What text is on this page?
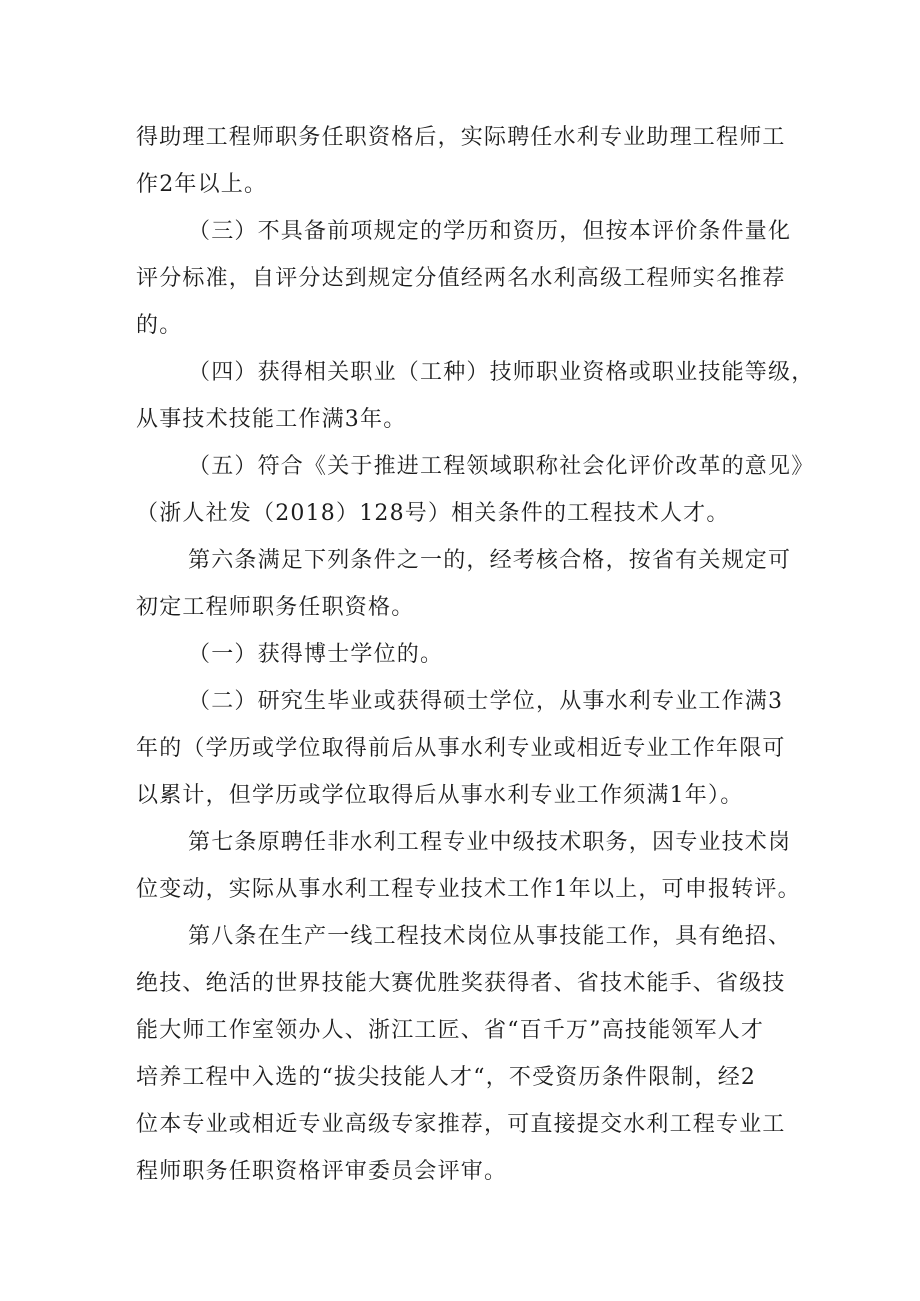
得助理工程师职务任职资格后，实际聘任水利专业助理工程师工

作2年以上。

（三）不具备前项规定的学历和资历，但按本评价条件量化

评分标准，自评分达到规定分值经两名水利高级工程师实名推荐

的。

（四）获得相关职业（工种）技师职业资格或职业技能等级，

从事技术技能工作满3年。

（五）符合《关于推进工程领域职称社会化评价改革的意见》

（浙人社发（2018）128号）相关条件的工程技术人才。

第六条满足下列条件之一的，经考核合格，按省有关规定可

初定工程师职务任职资格。

（一）获得博士学位的。

（二）研究生毕业或获得硕士学位，从事水利专业工作满3

年的（学历或学位取得前后从事水利专业或相近专业工作年限可

以累计，但学历或学位取得后从事水利专业工作须满1年）。

第七条原聘任非水利工程专业中级技术职务，因专业技术岗

位变动，实际从事水利工程专业技术工作1年以上，可申报转评。

第八条在生产一线工程技术岗位从事技能工作，具有绝招、

绝技、绝活的世界技能大赛优胜奖获得者、省技术能手、省级技

能大师工作室领办人、浙江工匠、省“百千万”高技能领军人才

培养工程中入选的“拔尖技能人才“，不受资历条件限制，经2

位本专业或相近专业高级专家推荐，可直接提交水利工程专业工

程师职务任职资格评审委员会评审。
